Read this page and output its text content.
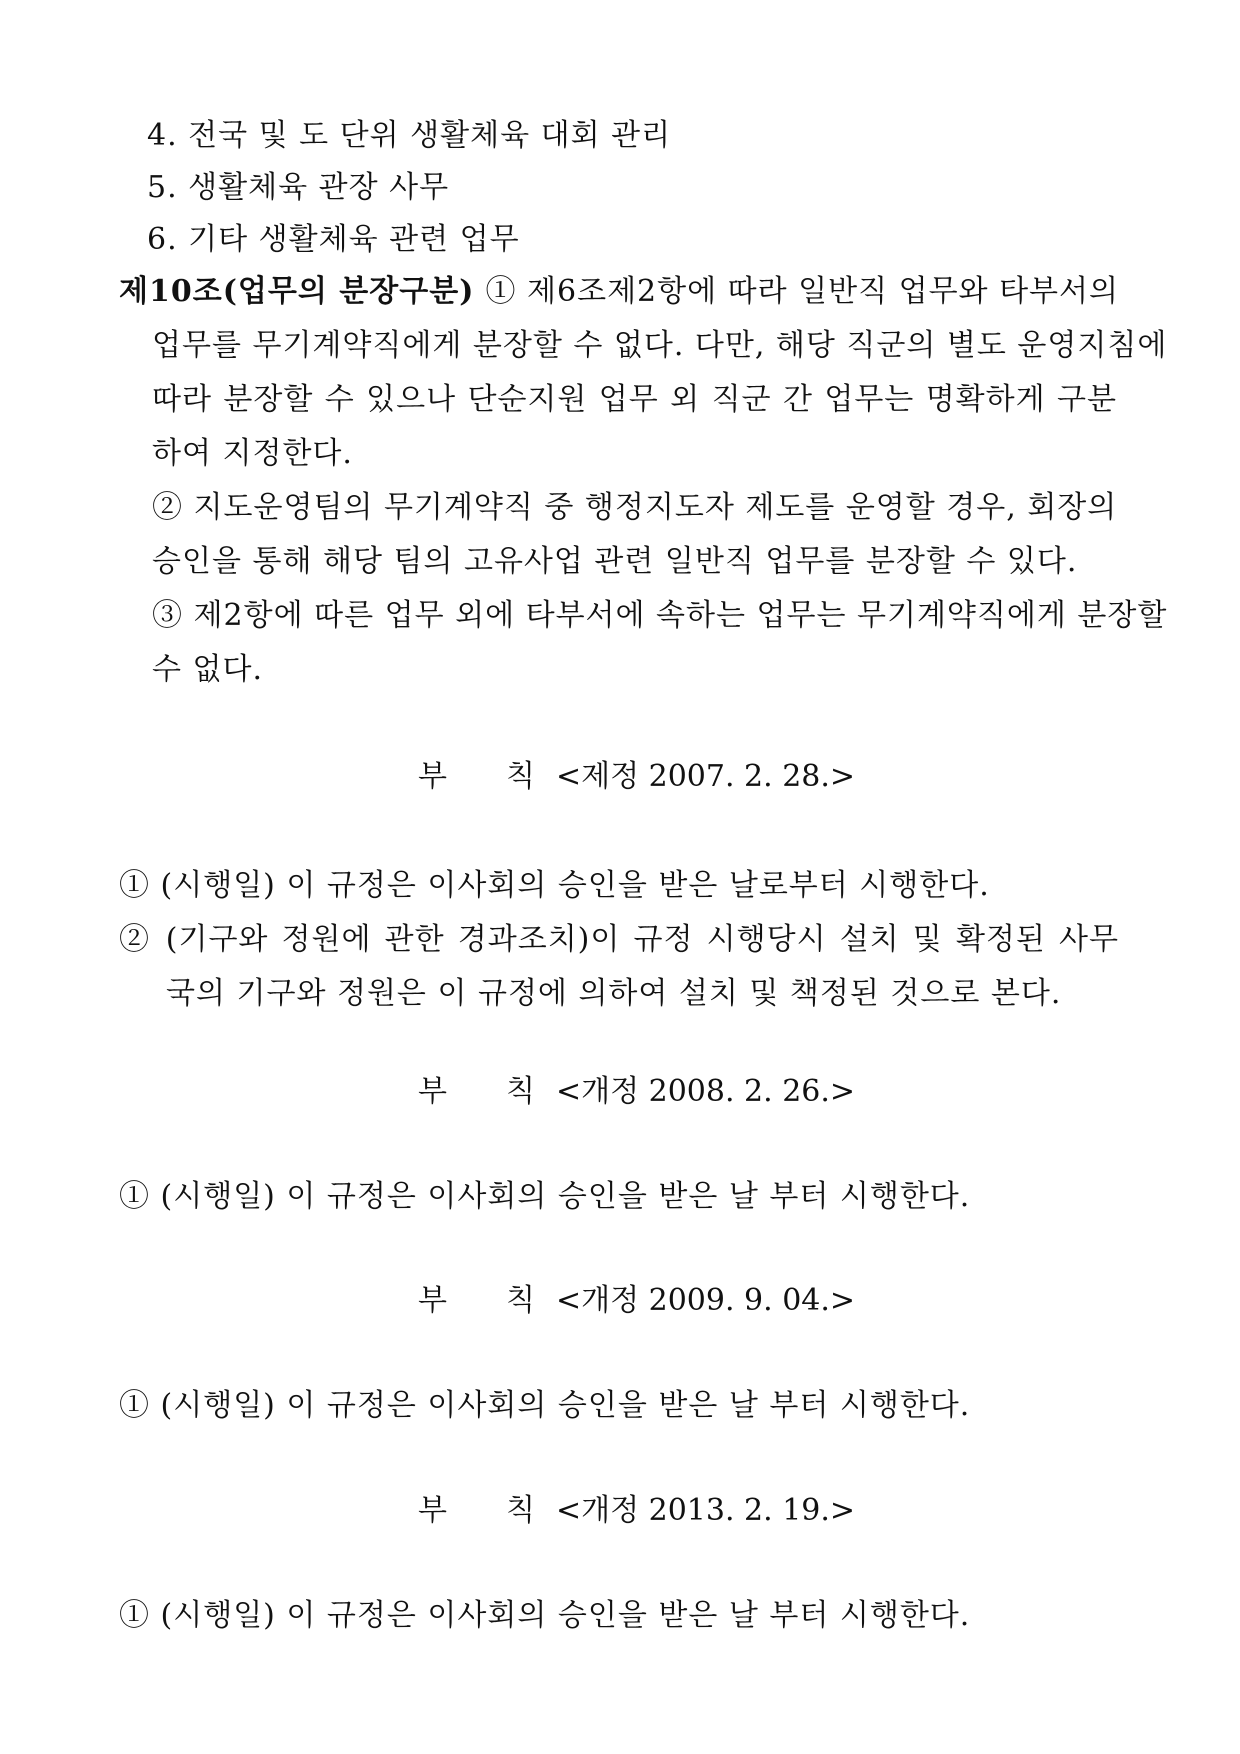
4. 전국 및 도 단위 생활체육 대회 관리
5. 생활체육 관장 사무
6. 기타 생활체육 관련 업무
제10조(업무의 분장구분) ① 제6조제2항에 따라 일반직 업무와 타부서의
업무를 무기계약직에게 분장할 수 없다. 다만, 해당 직군의 별도 운영지침에
따라 분장할 수 있으나 단순지원 업무 외 직군 간 업무는 명확하게 구분
하여 지정한다.
② 지도운영팀의 무기계약직 중 행정지도자 제도를 운영할 경우, 회장의
승인을 통해 해당 팀의 고유사업 관련 일반직 업무를 분장할 수 있다.
③ 제2항에 따른 업무 외에 타부서에 속하는 업무는 무기계약직에게 분장할
수 없다.
부 칙 <제정 2007. 2. 28.>
① (시행일) 이 규정은 이사회의 승인을 받은 날로부터 시행한다.
② (기구와 정원에 관한 경과조치)이 규정 시행당시 설치 및 확정된 사무
국의 기구와 정원은 이 규정에 의하여 설치 및 책정된 것으로 본다.
부 칙 <개정 2008. 2. 26.>
① (시행일) 이 규정은 이사회의 승인을 받은 날 부터 시행한다.
부 칙 <개정 2009. 9. 04.>
① (시행일) 이 규정은 이사회의 승인을 받은 날 부터 시행한다.
부 칙 <개정 2013. 2. 19.>
① (시행일) 이 규정은 이사회의 승인을 받은 날 부터 시행한다.
